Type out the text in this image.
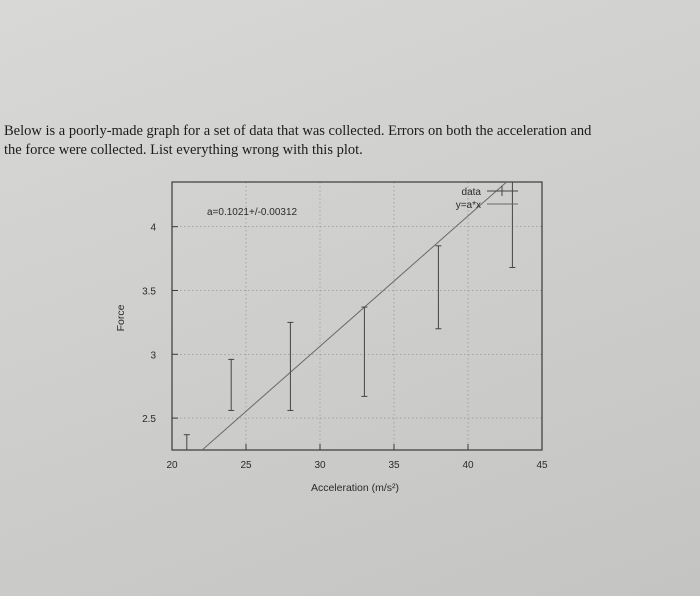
Below is a poorly-made graph for a set of data that was collected. Errors on both the acceleration and
the force were collected. List everything wrong with this plot.
20	25	30	35	40	45
2.5
3
3.5
4
a=0.1021+/-0.00312
data
y=a*x
Acceleration (m/s²)
Force
